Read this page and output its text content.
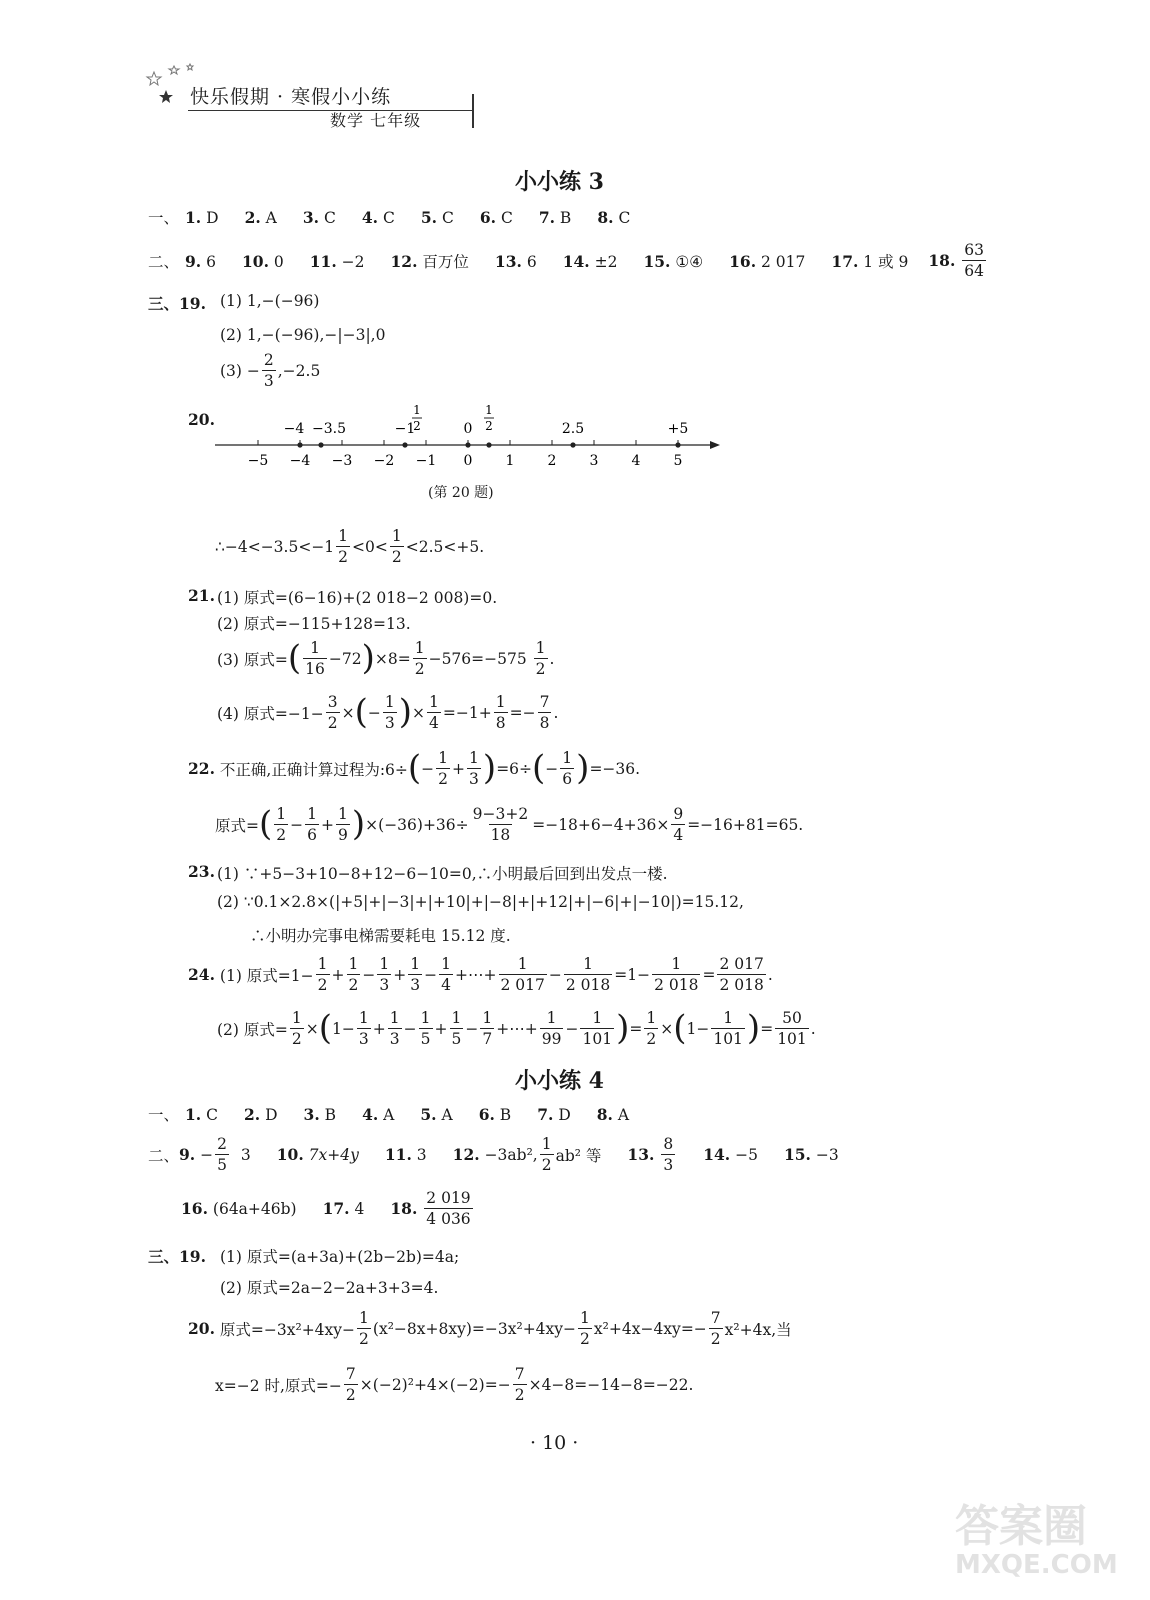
快乐假期 · 寒假小小练
数学 七年级
小小练 3
一、 1. D 2. A 3. C 4. C 5. C 6. C 7. B 8. C
二、 9. 6 10. 0 11. −2 12. 百万位 13. 6 14. ±2 15. ①④ 16. 2 017 17. 1 或 9	18.

63
64
三、19. (1) 1,−(−96)
(2) 1,−(−96),−|−3|,0
$(3) - \frac{2}{3} ,-2.5$
20.
−5 −4 −3 −2 −1 0 1 2 3 4 5
−4 −3.5	−1
1
2	0
1
2	2.5	+5
(第 20 题)
∴−4<−3.5<−1
1
2
<0<
1
2
<2.5<+5.
21. (1) 原式=(6−16)+(2 018−2 008)=0.
(2) 原式=−115+128=13.
(3) 原式= ( 1
16
−72 ) $\times 8= \frac{1}{2} -576=-575$

1
2
.
(4) 原式$=-1- \frac{3}{2}$ × ( − $\frac{1}{3}$ ) × $\frac{1}{4} =-1+ \frac{1}{8} =- \frac{7}{8}$ .
22.
不正确,正确计算过程为:6÷ ( − $\frac{1}{2} + \frac{1}{3}$ ) =6÷ ( − $\frac{1}{6}$ ) =−36.
原式= ( 1
2
− $\frac{1}{6} + \frac{1}{9}$ ) $\times(-36)+36\div \frac{9-3+2}{18} =-18+6-4+36\times \frac{9}{4} =-16+81=65$.
23. (1) ∵+5−3+10−8+12−6−10=0,∴小明最后回到出发点一楼.
(2) ∵0.1×2.8×(|+5|+|−3|+|+10|+|−8|+|+12|+|−6|+|−10|)=15.12,
∴小明办完事电梯需要耗电 15.12 度.
24.
(1) 原式$=1- \frac{1}{2}$ +
1
2
−
1
3
+
1
3
−
1
4
+⋯+
1
2 017
−
1
2 018
=1−
1
2 018
=
2 017
2 018
.
(2) 原式= $\frac{1}{2}$ × ( 1−
1
3
+
1
3
−
1
5
+
1
5
−
1
7
+⋯+
1
99
−
1
101 ) =
1
2
× ( 1−
1
101 ) =
50
101
.
小小练 4
一、 1. C 2. D 3. B 4. A 5. A 6. B 7. D 8. A
二、 9.
− $\frac{2}{5}$
3 10.
7x+4y 11.
3 12.
−3ab²,
1
2
ab² 等 13.

8
3
14.
−5 15.
−3
16.
(64a+46b) 17.
4 18.

2 019
4 036
三、19. (1) 原式=(a+3a)+(2b−2b)=4a;
(2) 原式=2a−2−2a+3+3=4.
20.
原式$=-3x^2+4xy- \frac{1}{2} (x^2-8x+8xy)=-3x^2+4xy- \frac{1}{2} x^2+4x-4xy=- \frac{7}{2} x^2+4x$,当
x=−2 时,原式=− $\frac{7}{2} \times(-2)^2+4\times(-2)=- \frac{7}{2} \times 4-8=-14-8=-22$.
· 10 ·
答案圈
MXQE.COM
